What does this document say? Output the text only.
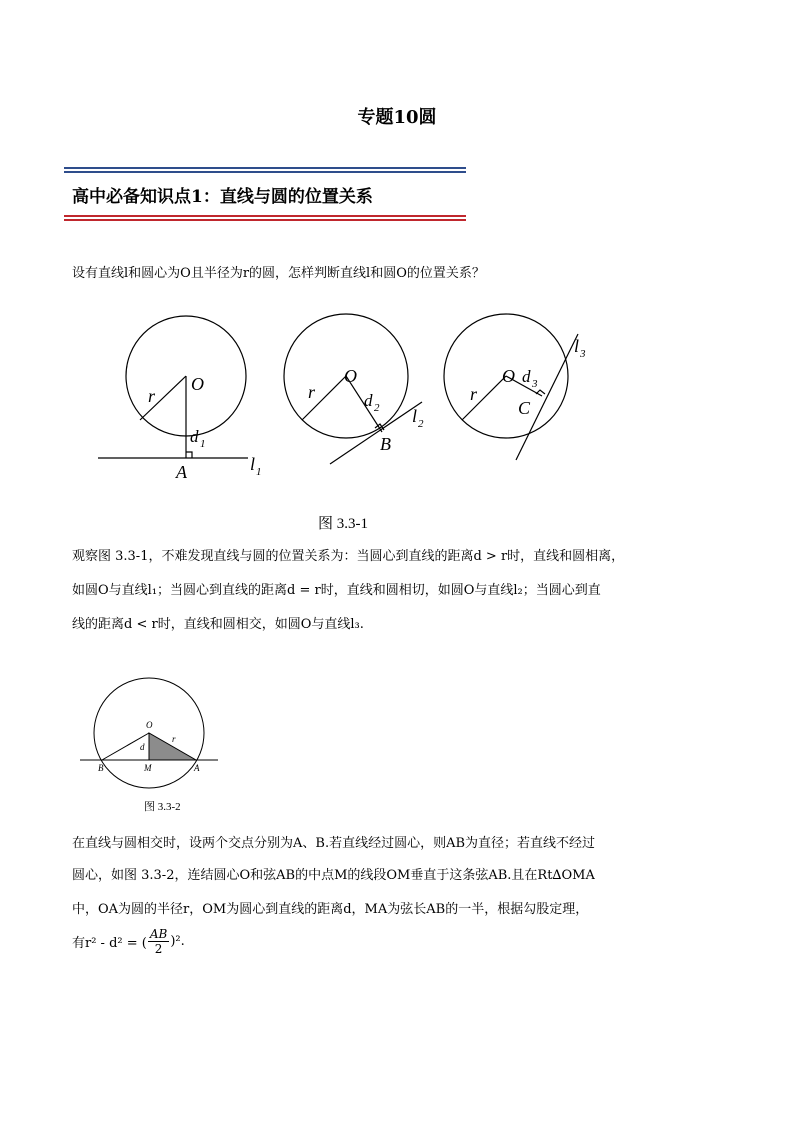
专题10圆
高中必备知识点1：直线与圆的位置关系
设有直线l和圆心为O且半径为r的圆，怎样判断直线l和圆O的位置关系？
O
r
d 1
A	l 1
O
r	d 2
B
l 2
O
r
d 3
C
l 3
图 3.3-1
观察图 3.3-1，不难发现直线与圆的位置关系为：当圆心到直线的距离d > r时，直线和圆相离，
如圆O与直线l₁；当圆心到直线的距离d = r时，直线和圆相切，如圆O与直线l₂；当圆心到直
线的距离d < r时，直线和圆相交，如圆O与直线l₃.
O
d
r
B	M	A
图 3.3-2
在直线与圆相交时，设两个交点分别为A、B.若直线经过圆心，则AB为直径；若直线不经过
圆心，如图 3.3-2，连结圆心O和弦AB的中点M的线段OM垂直于这条弦AB.且在Rt∆OMA
中，OA为圆的半径r，OM为圆心到直线的距离d，MA为弦长AB的一半，根据勾股定理，
有r² - d² = ( $\frac{AB}{2} )^2$.
